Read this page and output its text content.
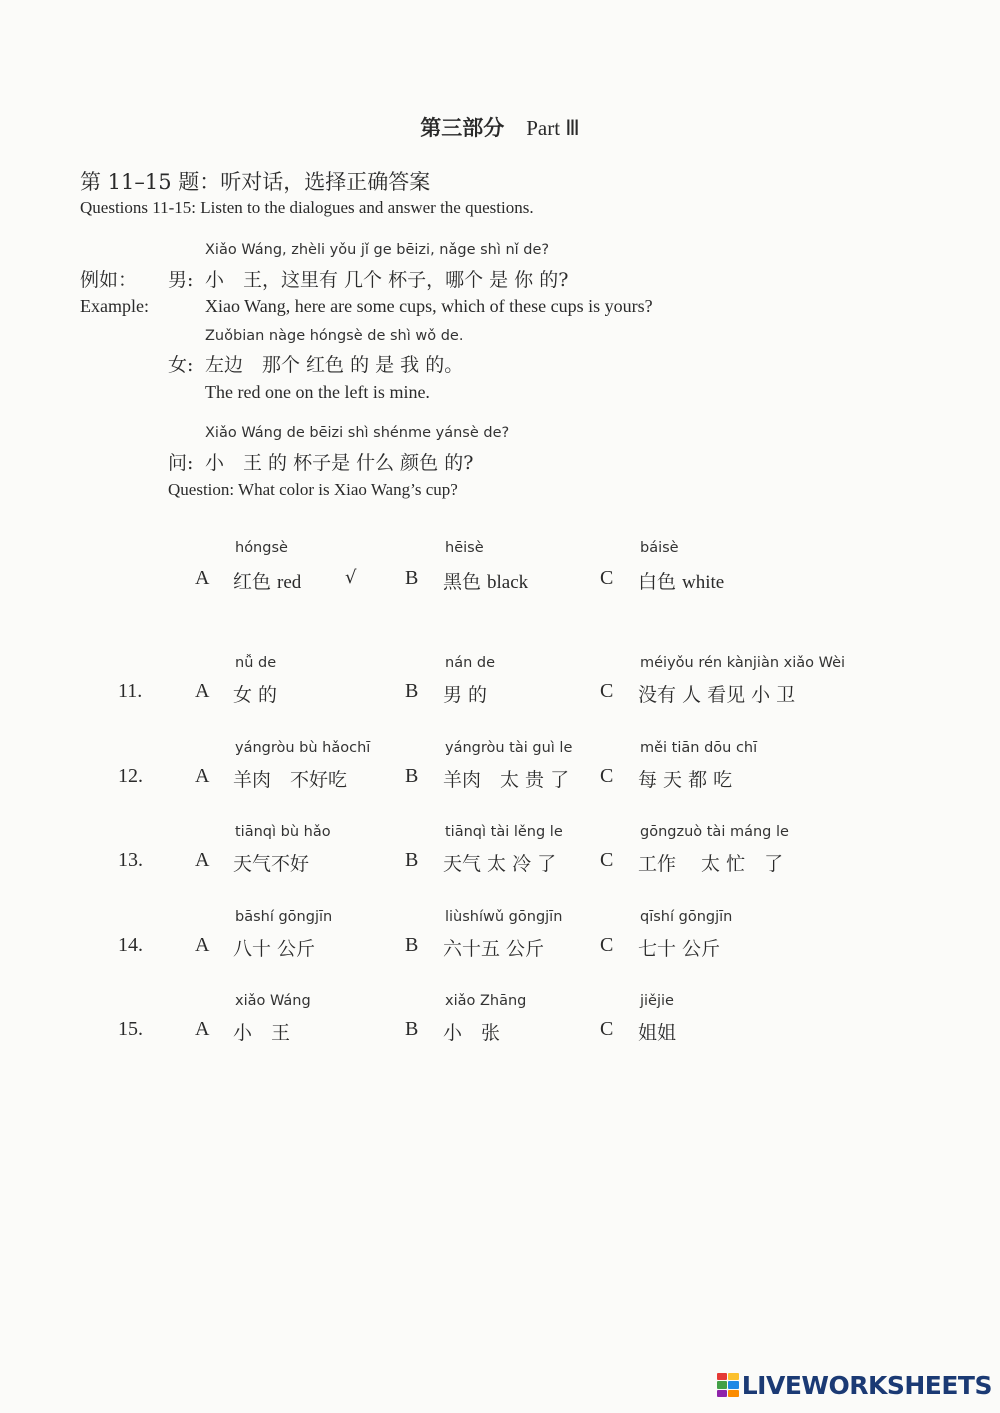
第三部分 Part Ⅲ
第 11–15 题：听对话，选择正确答案
Questions 11-15: Listen to the dialogues and answer the questions.
Xiǎo Wáng, zhèli yǒu jǐ ge bēizi, nǎge shì nǐ de?
例如： 男: 小　王，这里有 几个 杯子，哪个 是 你 的?
Example:	Xiao Wang, here are some cups, which of these cups is yours?
Zuǒbian nàge hóngsè de shì wǒ de.
女: 左边　那个 红色 的 是 我 的。
The red one on the left is mine.
Xiǎo Wáng de bēizi shì shénme yánsè de?
问: 小　王 的 杯子是 什么 颜色 的?
Question: What color is Xiao Wang’s cup?
hóngsè
A 红色 red √
hēisè
B 黑色 black
báisè
C 白色 white
11.
nǚ de
A 女 的
nán de
B 男 的
méiyǒu rén kànjiàn xiǎo Wèi
C 没有 人 看见 小 卫
12.
yángròu bù hǎochī
A 羊肉　不好吃
yángròu tài guì le
B 羊肉　太 贵 了
měi tiān dōu chī
C 每 天 都 吃
13.
tiānqì bù hǎo
A 天气不好
tiānqì tài lěng le
B 天气 太 冷 了
gōngzuò tài máng le
C 工作　 太 忙　了
14.
bāshí gōngjīn
A 八十 公斤
liùshíwǔ gōngjīn
B 六十五 公斤
qīshí gōngjīn
C 七十 公斤
15.
xiǎo Wáng
A 小　王
xiǎo Zhāng
B 小　张
jiějie
C 姐姐
LIVEWORKSHEETS
